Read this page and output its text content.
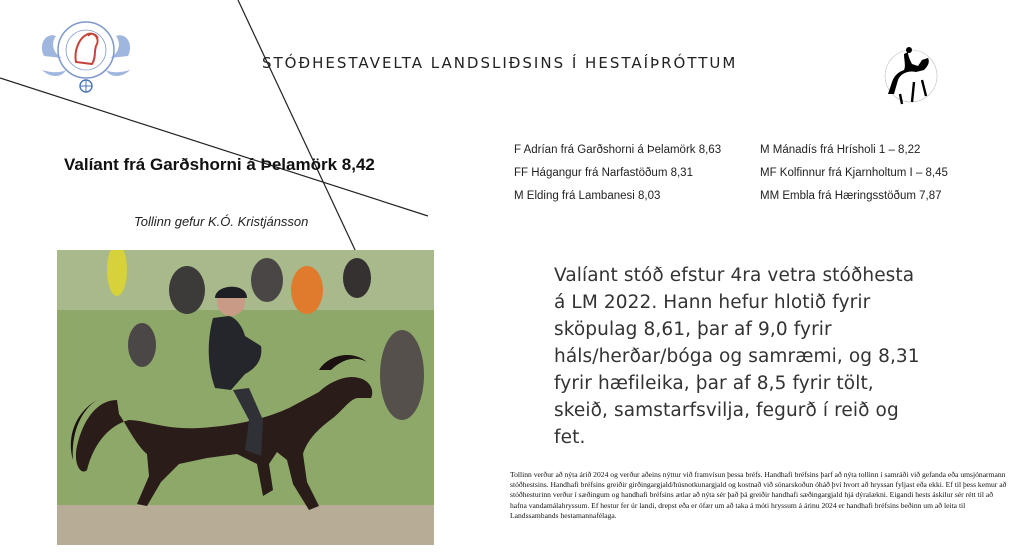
STÓÐHESTAVELTA LANDSLIÐSINS Í HESTAÍÞRÓTTUM
Valíant frá Garðshorni á Þelamörk 8,42
Tollinn gefur K.Ó. Kristjánsson
F Adrían frá Garðshorni á Þelamörk 8,63
FF Hágangur frá Narfastöðum 8,31
M Elding frá Lambanesi 8,03
M Mánadís frá Hrísholi 1 – 8,22
MF Kolfinnur frá Kjarnholtum I – 8,45
MM Embla frá Hæringsstöðum 7,87
Valíant stóð efstur 4ra vetra stóðhesta á LM 2022. Hann hefur hlotið fyrir sköpulag 8,61, þar af 9,0 fyrir háls/herðar/bóga og samræmi, og 8,31 fyrir hæfileika, þar af 8,5 fyrir tölt, skeið, samstarfsvilja, fegurð í reið og fet.
Tollinn verður að nýta árið 2024 og verður aðeins nýttur við framvísun þessa bréfs. Handhafi bréfsins þarf að nýta tollinn í samráði við gefanda eða umsjónarmann stóðhestsins. Handhafi bréfsins greiðir girðingargjald/húsnotkunargjald og kostnað við sónarskoðun óháð því hvort að hryssan fyljast eða ekki. Ef til þess kemur að stóðhesturinn verður í sæðingum og handhafi bréfsins ætlar að nýta sér það þá greiðir handhafi sæðingargjald hjá dýralækni. Eigandi hests áskilur sér rétt til að hafna vandamálahryssum. Ef hestur fer úr landi, drepst eða er ófær um að taka á móti hryssum á árinu 2024 er handhafi bréfsins beðinn um að leita til Landssambands hestamannafélaga.
